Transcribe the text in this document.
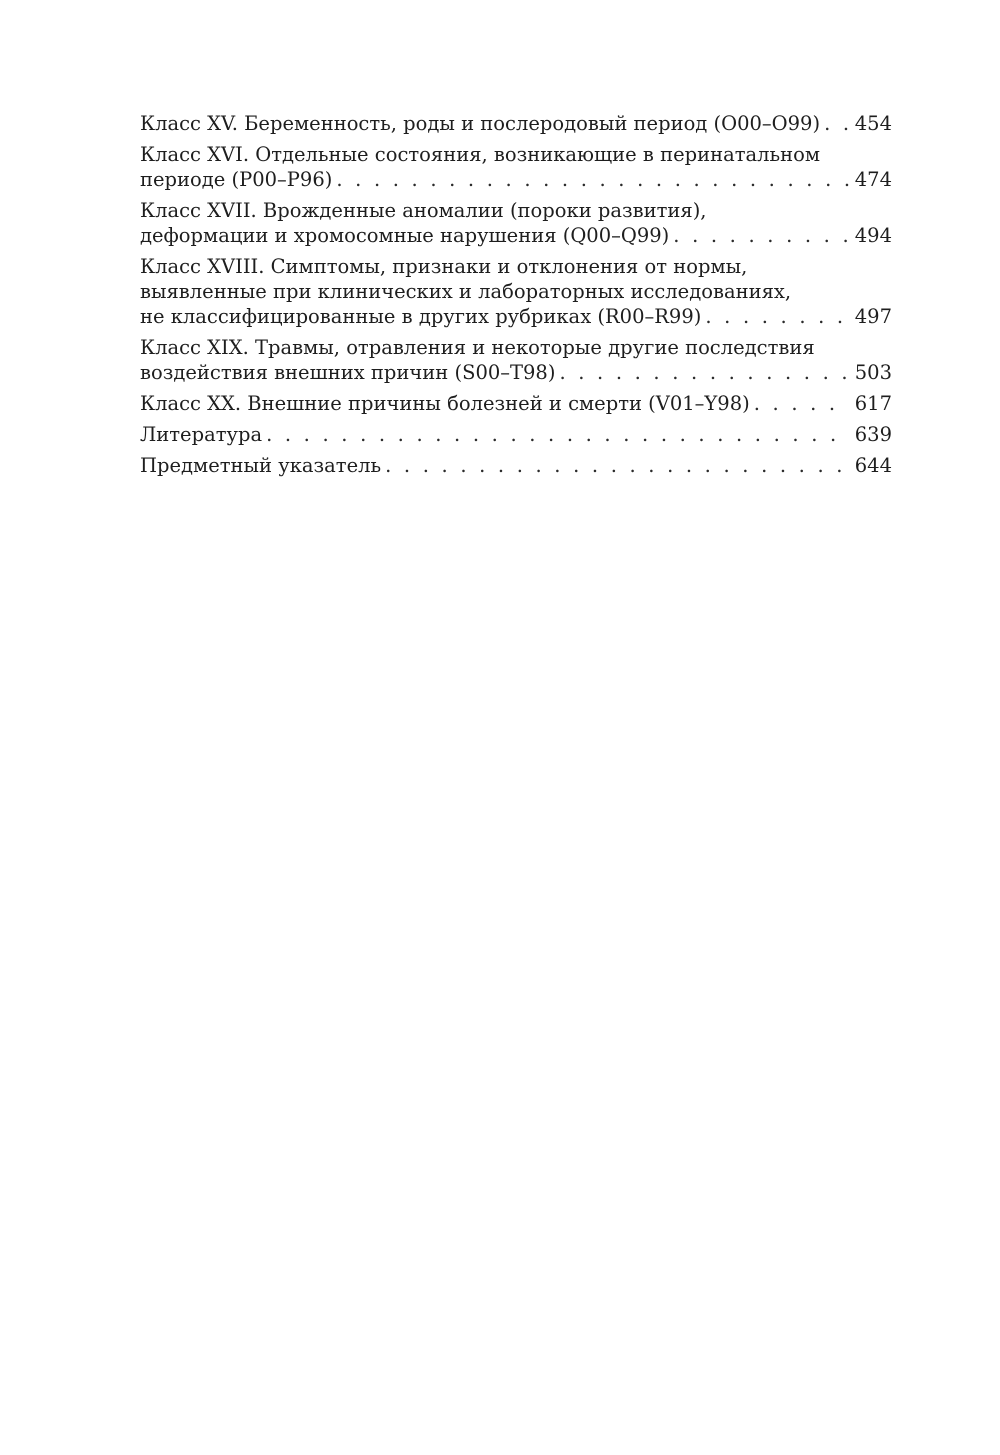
Класс XV. Беременность, роды и послеродовый период (O00–O99) . . . 454
Класс XVI. Отдельные состояния, возникающие в перинатальном
периоде (P00–P96) . . .	474
Класс XVII. Врожденные аномалии (пороки развития),
деформации и хромосомные нарушения (Q00–Q99) . . .	494
Класс XVIII. Симптомы, признаки и отклонения от нормы,
выявленные при клинических и лабораторных исследованиях,
не классифицированные в других рубриках (R00–R99) . . .	497
Класс XIX. Травмы, отравления и некоторые другие последствия
воздействия внешних причин (S00–T98) . . .	503
Класс XX. Внешние причины болезней и смерти (V01–Y98) . . .	617
Литература . . .	639
Предметный указатель . . .	644
